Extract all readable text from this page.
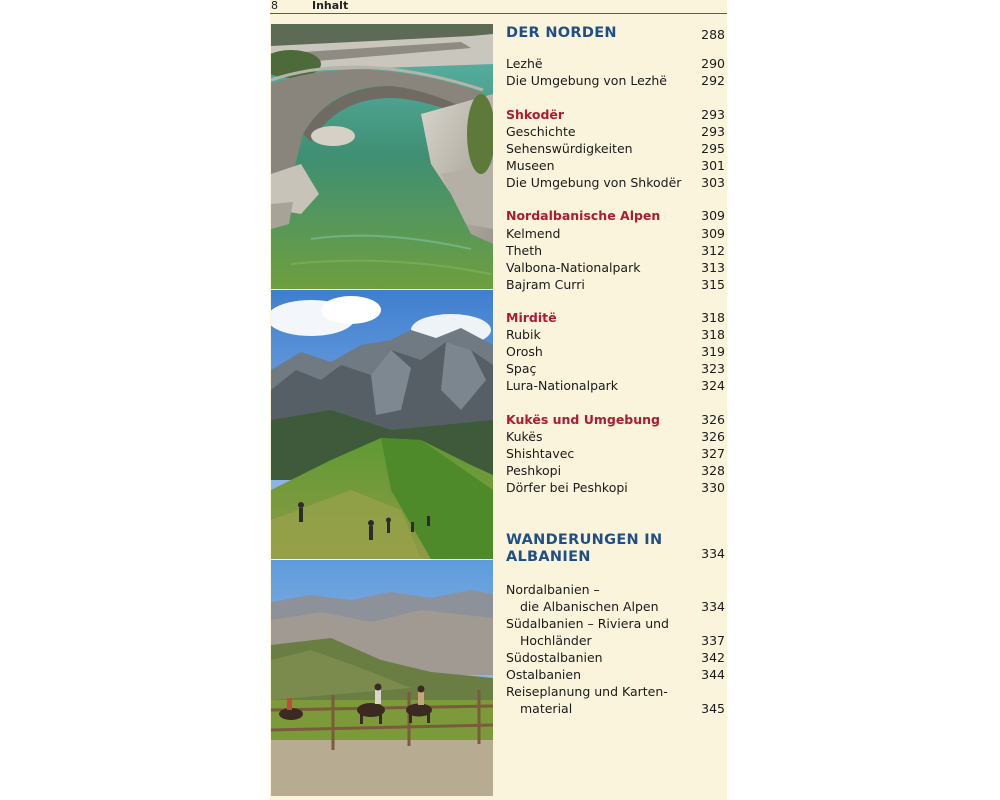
8	Inhalt
DER NORDEN	288
Lezhë	290
Die Umgebung von Lezhë	292
Shkodër	293
Geschichte	293
Sehenswürdigkeiten	295
Museen	301
Die Umgebung von Shkodër 303
Nordalbanische Alpen	309
Kelmend	309
Theth	312
Valbona-Nationalpark	313
Bajram Curri	315
Mirditë	318
Rubik	318
Orosh	319
Spaç	323
Lura-Nationalpark	324
Kukës und Umgebung	326
Kukës	326
Shishtavec	327
Peshkopi	328
Dörfer bei Peshkopi	330
WANDERUNGEN IN
ALBANIEN	334
Nordalbanien –
die Albanischen Alpen	334
Südalbanien – Riviera und
Hochländer	337
Südostalbanien	342
Ostalbanien	344
Reiseplanung und Karten-
material	345
